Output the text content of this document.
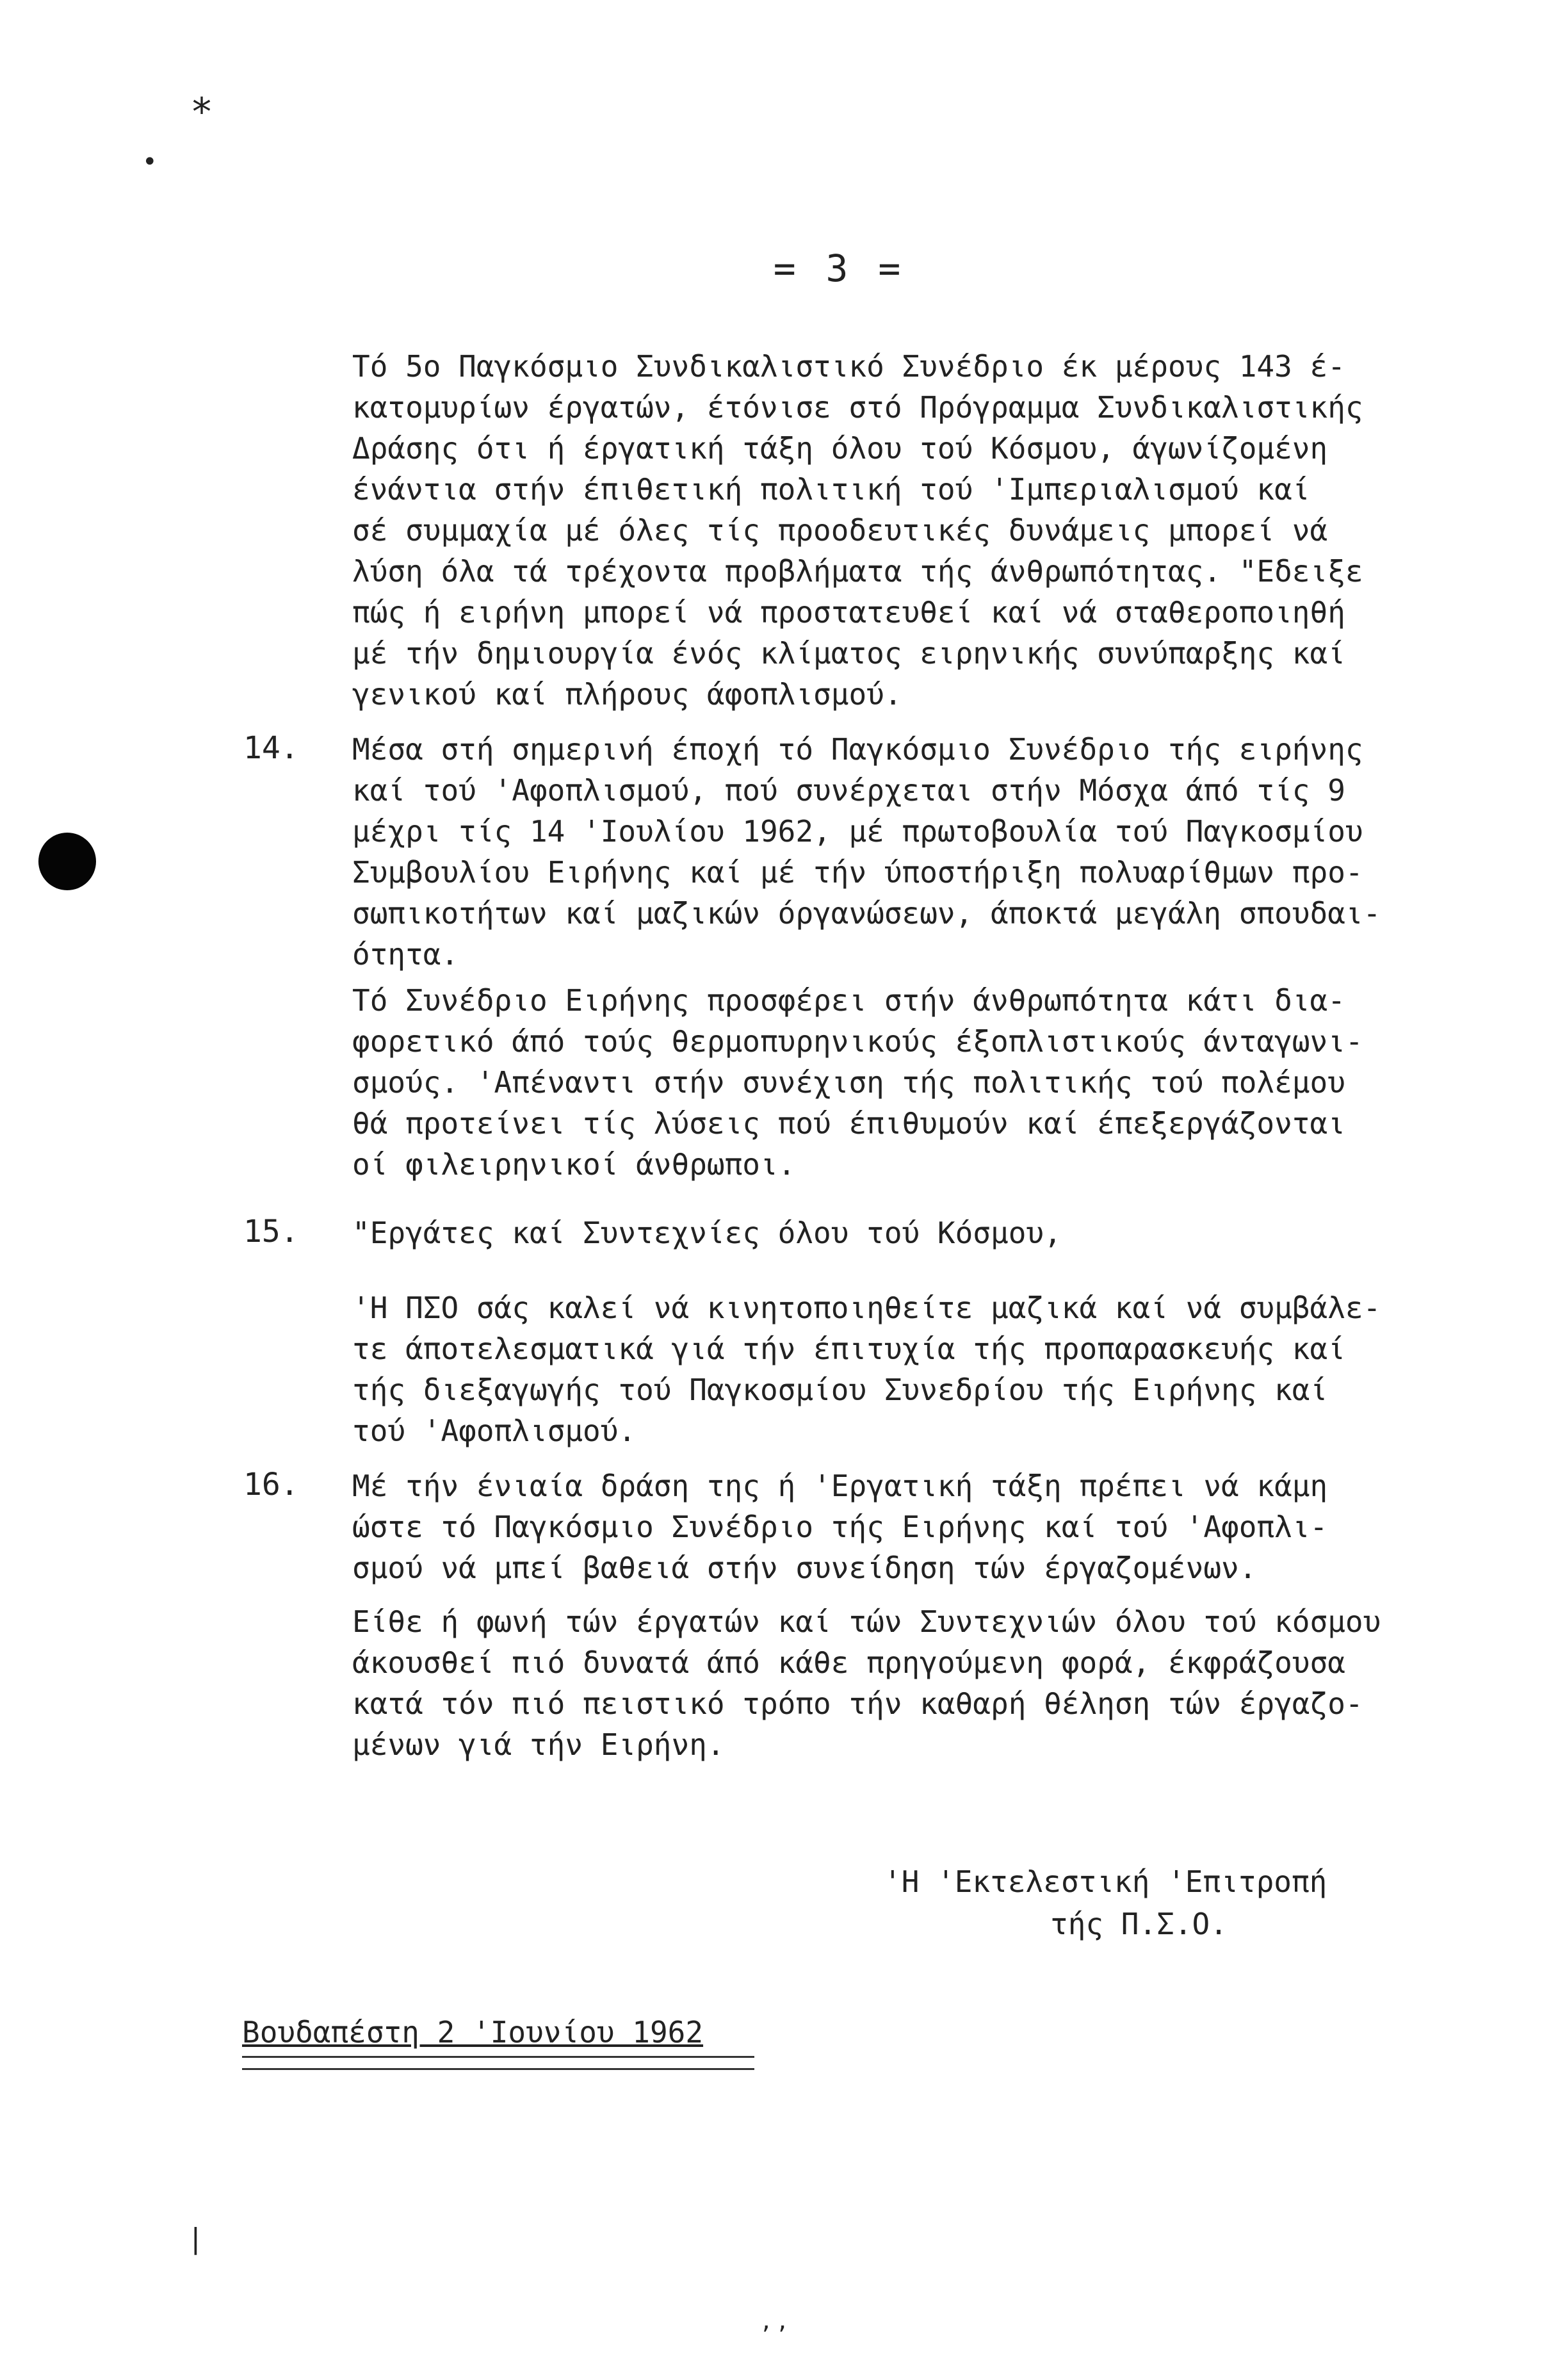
*
•
= 3 =
Τό 5ο Παγκόσμιο Συνδικαλιστικό Συνέδριο έκ μέρους 143 έ-
κατομυρίων έργατών, έτόνισε στό Πρόγραμμα Συνδικαλιστικής
Δράσης ότι ή έργατική τάξη όλου τού Κόσμου, άγωνίζομένη
ένάντια στήν έπιθετική πολιτική τού 'Ιμπεριαλισμού καί
σέ συμμαχία μέ όλες τίς προοδευτικές δυνάμεις μπορεί νά
λύση όλα τά τρέχοντα προβλήματα τής άνθρωπότητας. "Εδειξε
πώς ή ειρήνη μπορεί νά προστατευθεί καί νά σταθεροποιηθή
μέ τήν δημιουργία ένός κλίματος ειρηνικής συνύπαρξης καί
γενικού καί πλήρους άφοπλισμού.
14. Μέσα στή σημερινή έποχή τό Παγκόσμιο Συνέδριο τής ειρήνης
καί τού 'Αφοπλισμού, πού συνέρχεται στήν Μόσχα άπό τίς 9
μέχρι τίς 14 'Ιουλίου 1962, μέ πρωτοβουλία τού Παγκοσμίου
Συμβουλίου Ειρήνης καί μέ τήν ύποστήριξη πολυαρίθμων προ-
σωπικοτήτων καί μαζικών όργανώσεων, άποκτά μεγάλη σπουδαι-
ότητα.
Τό Συνέδριο Ειρήνης προσφέρει στήν άνθρωπότητα κάτι δια-
φορετικό άπό τούς θερμοπυρηνικούς έξοπλιστικούς άνταγωνι-
σμούς. 'Απέναντι στήν συνέχιση τής πολιτικής τού πολέμου
θά προτείνει τίς λύσεις πού έπιθυμούν καί έπεξεργάζονται
οί φιλειρηνικοί άνθρωποι.
15. "Εργάτες καί Συντεχνίες όλου τού Κόσμου,
'Η ΠΣΟ σάς καλεί νά κινητοποιηθείτε μαζικά καί νά συμβάλε-
τε άποτελεσματικά γιά τήν έπιτυχία τής προπαρασκευής καί
τής διεξαγωγής τού Παγκοσμίου Συνεδρίου τής Ειρήνης καί
τού 'Αφοπλισμού.
16. Μέ τήν ένιαία δράση της ή 'Εργατική τάξη πρέπει νά κάμη
ώστε τό Παγκόσμιο Συνέδριο τής Ειρήνης καί τού 'Αφοπλι-
σμού νά μπεί βαθειά στήν συνείδηση τών έργαζομένων.
Είθε ή φωνή τών έργατών καί τών Συντεχνιών όλου τού κόσμου
άκουσθεί πιό δυνατά άπό κάθε πρηγούμενη φορά, έκφράζουσα
κατά τόν πιό πειστικό τρόπο τήν καθαρή θέληση τών έργαζο-
μένων γιά τήν Ειρήνη.
'Η 'Εκτελεστική 'Επιτροπή
τής Π.Σ.Ο.
Βουδαπέστη 2 'Ιουνίου 1962
|
, ,
